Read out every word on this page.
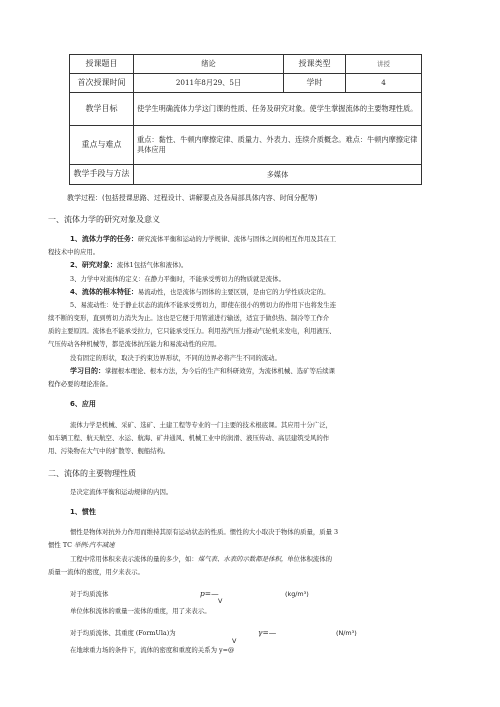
授课题目	绪论	授课类型	讲授
首次授课时间	2011年8月29、5日	学时	4
教学目标	使学生明确流体力学这门课的性质、任务及研究对象。使学生掌握流体的主要物理性质。		
重点与难点	重点：黏性、牛顿内摩擦定律、质量力、外表力、连续介质概念。难点：牛顿内摩擦定律具体应用		
教学手段与方法	多媒体		
教学过程：(包括授课思路、过程设计、讲解要点及各局部具体内容、时间分配等)
一、流体力学的研究对象及意义
1、流体力学的任务：研究流体平衡和运动的力学规律、流体与固体之间的相互作用及其在工
程技术中的应用。
2、研究对象：流体1包括气体和液体)。
3、力学中对流体的定义：在静力平衡时，不能承受剪切力的物质就是流体。
4、流体的根本特征：易流动性，也是流体与固体的主要区别，是由它的力学性质决定的。
5、易流动性：处于静止状态的流体不能承受剪切力，即使在很小的剪切力的作用下也将发生连
续不断的变形，直到剪切力消失为止。这也是它便于用管道进行输送，适宜于做供热、制冷等工作介
质的主要原因。流体也不能承受拉力，它只能承受压力。利用蒸汽压力推动气轮机来发电，利用液压、
气压传动各种机械等，都是流体抗压能力和易流动性的应用。
没有固定的形状，取决于约束边界形状，不同的边界必将产生不同的流动。
学习目的：掌握根本理论、根本方法，为今后的生产和科研效劳，为流体机械、选矿等后续课
程作必要的理论准备。
6、应用
流体力学是机械、采矿、选矿、土建工程等专业的一门主要的技术根底课。其应用十分广泛，
如车辆工程、航天航空、水运、航海、矿井通风、机械工业中的润滑、液压传动、高层建筑受风的作
用、污染物在大气中的扩散等、舰船结构。
二、流体的主要物理性质
是决定流体平衡和运动规律的内因。
1、惯性
惯性是物体对抗外力作用而维持其原有运动状态的性质。惯性的大小取决于物体的质量，质量 3
惯性 TC 举例:汽车减速
工程中常用体积来表示流体的量的多少，如：煤气表、水表的示数都是体积，单位体积流体的
质量一流体的密度，用夕来表示。
对于均质流体	p=—
V
(kg/m³)
单位体积流体的重量一流体的重度，用了来表示。
对于均质流体、其重度 (FormUla)为	γ=—
V
(N/m³)
在地球重力场的条件下，流体的密度和重度的关系为 y=@
